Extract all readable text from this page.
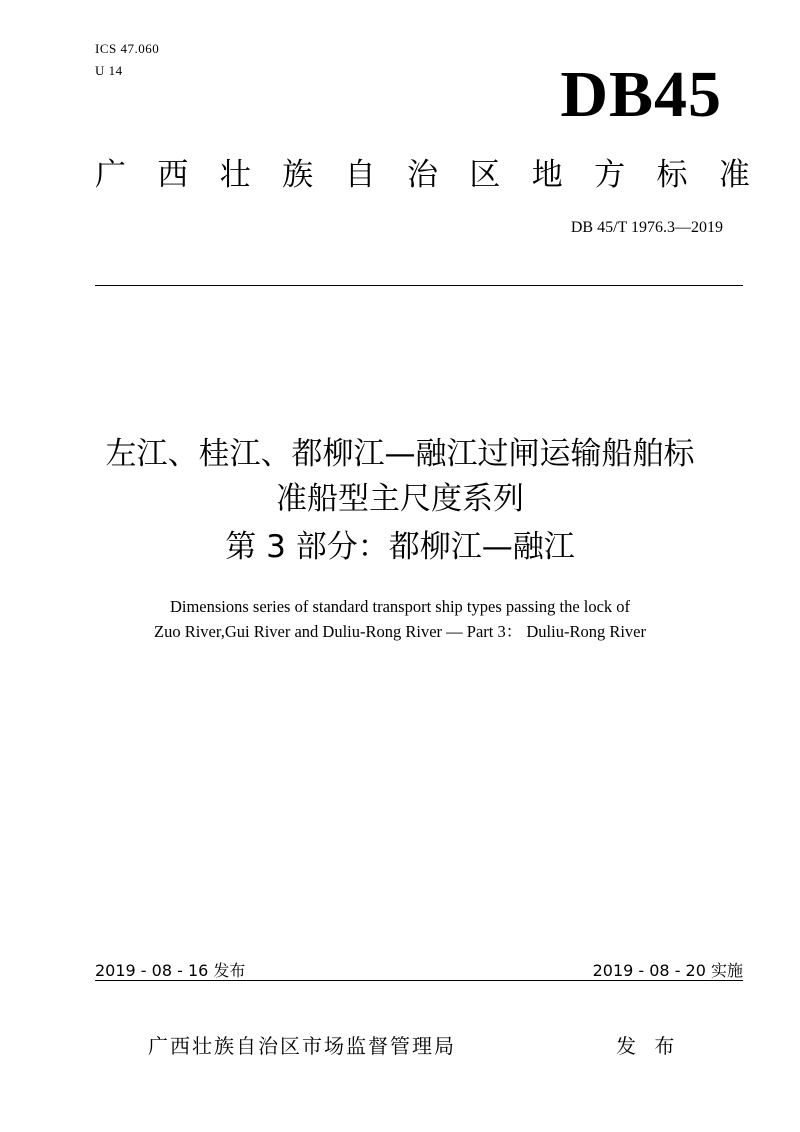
ICS 47.060
U 14	DB45
广 西 壮 族 自 治 区 地 方 标 准
DB 45/T 1976.3—2019
左江、桂江、都柳江—融江过闸运输船舶标
准船型主尺度系列
第 3 部分：都柳江—融江
Dimensions series of standard transport ship types passing the lock of
Zuo River,Gui River and Duliu-Rong River — Part 3： Duliu-Rong River
2019 - 08 - 16 发布	2019 - 08 - 20 实施
广西壮族自治区市场监督管理局	发 布
